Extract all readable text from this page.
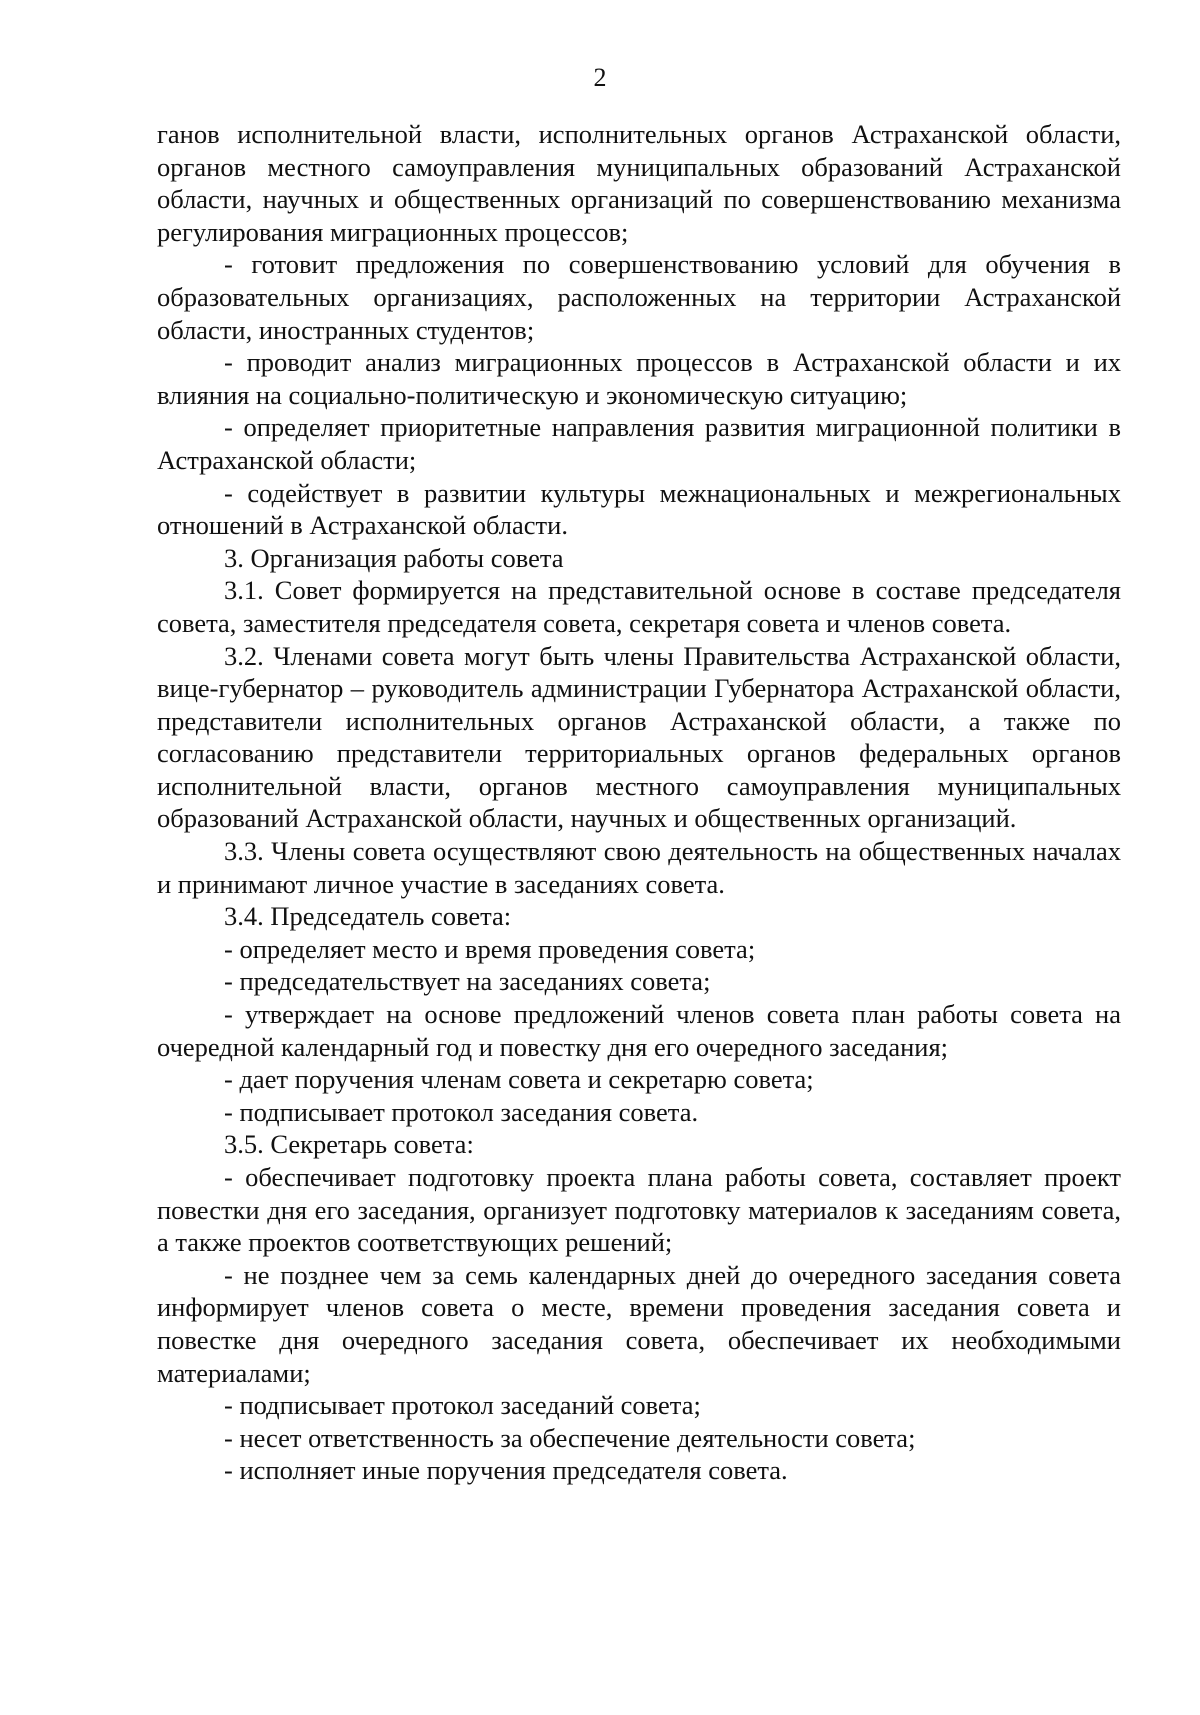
2

ганов исполнительной власти, исполнительных органов Астраханской области, органов местного самоуправления муниципальных образований Астраханской области, научных и общественных организаций по совершенствованию механизма регулирования миграционных процессов;

- готовит предложения по совершенствованию условий для обучения в образовательных организациях, расположенных на территории Астраханской области, иностранных студентов;

- проводит анализ миграционных процессов в Астраханской области и их влияния на социально-политическую и экономическую ситуацию;

- определяет приоритетные направления развития миграционной политики в Астраханской области;

- содействует в развитии культуры межнациональных и межрегиональных отношений в Астраханской области.

3. Организация работы совета

3.1. Совет формируется на представительной основе в составе председателя совета, заместителя председателя совета, секретаря совета и членов совета.

3.2. Членами совета могут быть члены Правительства Астраханской области, вице-губернатор – руководитель администрации Губернатора Астраханской области, представители исполнительных органов Астраханской области, а также по согласованию представители территориальных органов федеральных органов исполнительной власти, органов местного самоуправления муниципальных образований Астраханской области, научных и общественных организаций.

3.3. Члены совета осуществляют свою деятельность на общественных началах и принимают личное участие в заседаниях совета.

3.4. Председатель совета:

- определяет место и время проведения совета;

- председательствует на заседаниях совета;

- утверждает на основе предложений членов совета план работы совета на очередной календарный год и повестку дня его очередного заседания;

- дает поручения членам совета и секретарю совета;

- подписывает протокол заседания совета.

3.5. Секретарь совета:

- обеспечивает подготовку проекта плана работы совета, составляет проект повестки дня его заседания, организует подготовку материалов к заседаниям совета, а также проектов соответствующих решений;

- не позднее чем за семь календарных дней до очередного заседания совета информирует членов совета о месте, времени проведения заседания совета и повестке дня очередного заседания совета, обеспечивает их необходимыми материалами;

- подписывает протокол заседаний совета;

- несет ответственность за обеспечение деятельности совета;

- исполняет иные поручения председателя совета.
